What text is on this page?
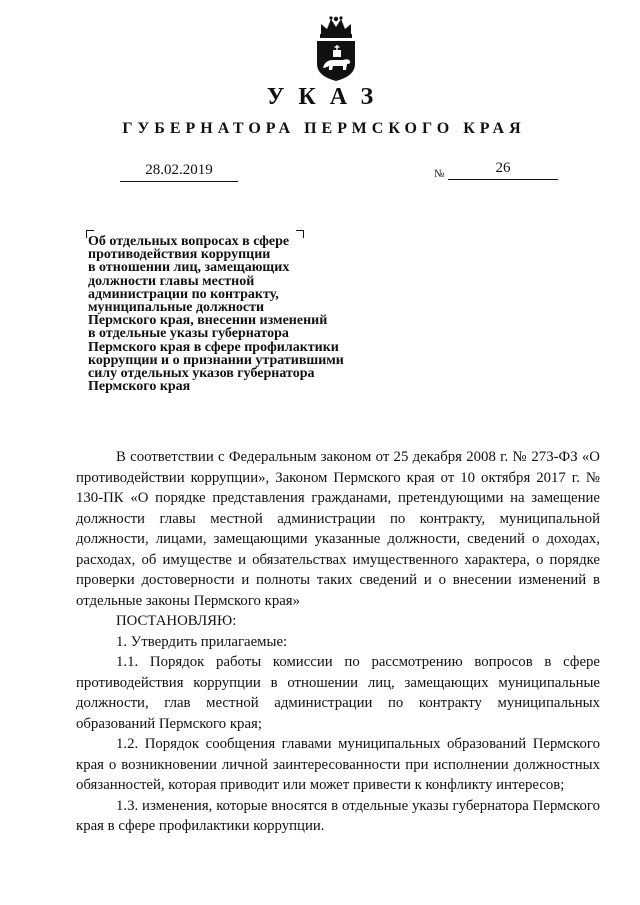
УКАЗ
ГУБЕРНАТОРА ПЕРМСКОГО КРАЯ
28.02.2019	№	26
Об отдельных вопросах в сфере
противодействия коррупции
в отношении лиц, замещающих
должности главы местной
администрации по контракту,
муниципальные должности
Пермского края, внесении изменений
в отдельные указы губернатора
Пермского края в сфере профилактики
коррупции и о признании утратившими
силу отдельных указов губернатора
Пермского края

В соответствии с Федеральным законом от 25 декабря 2008 г. № 273-ФЗ «О противодействии коррупции», Законом Пермского края от 10 октября 2017 г. № 130-ПК «О порядке представления гражданами, претендующими на замещение должности главы местной администрации по контракту, муниципальной должности, лицами, замещающими указанные должности, сведений о доходах, расходах, об имуществе и обязательствах имущественного характера, о порядке проверки достоверности и полноты таких сведений и о внесении изменений в отдельные законы Пермского края»

ПОСТАНОВЛЯЮ:

1. Утвердить прилагаемые:

1.1. Порядок работы комиссии по рассмотрению вопросов в сфере противодействия коррупции в отношении лиц, замещающих муниципальные должности, глав местной администрации по контракту муниципальных образований Пермского края;

1.2. Порядок сообщения главами муниципальных образований Пермского края о возникновении личной заинтересованности при исполнении должностных обязанностей, которая приводит или может привести к конфликту интересов;

1.3. изменения, которые вносятся в отдельные указы губернатора Пермского края в сфере профилактики коррупции.
